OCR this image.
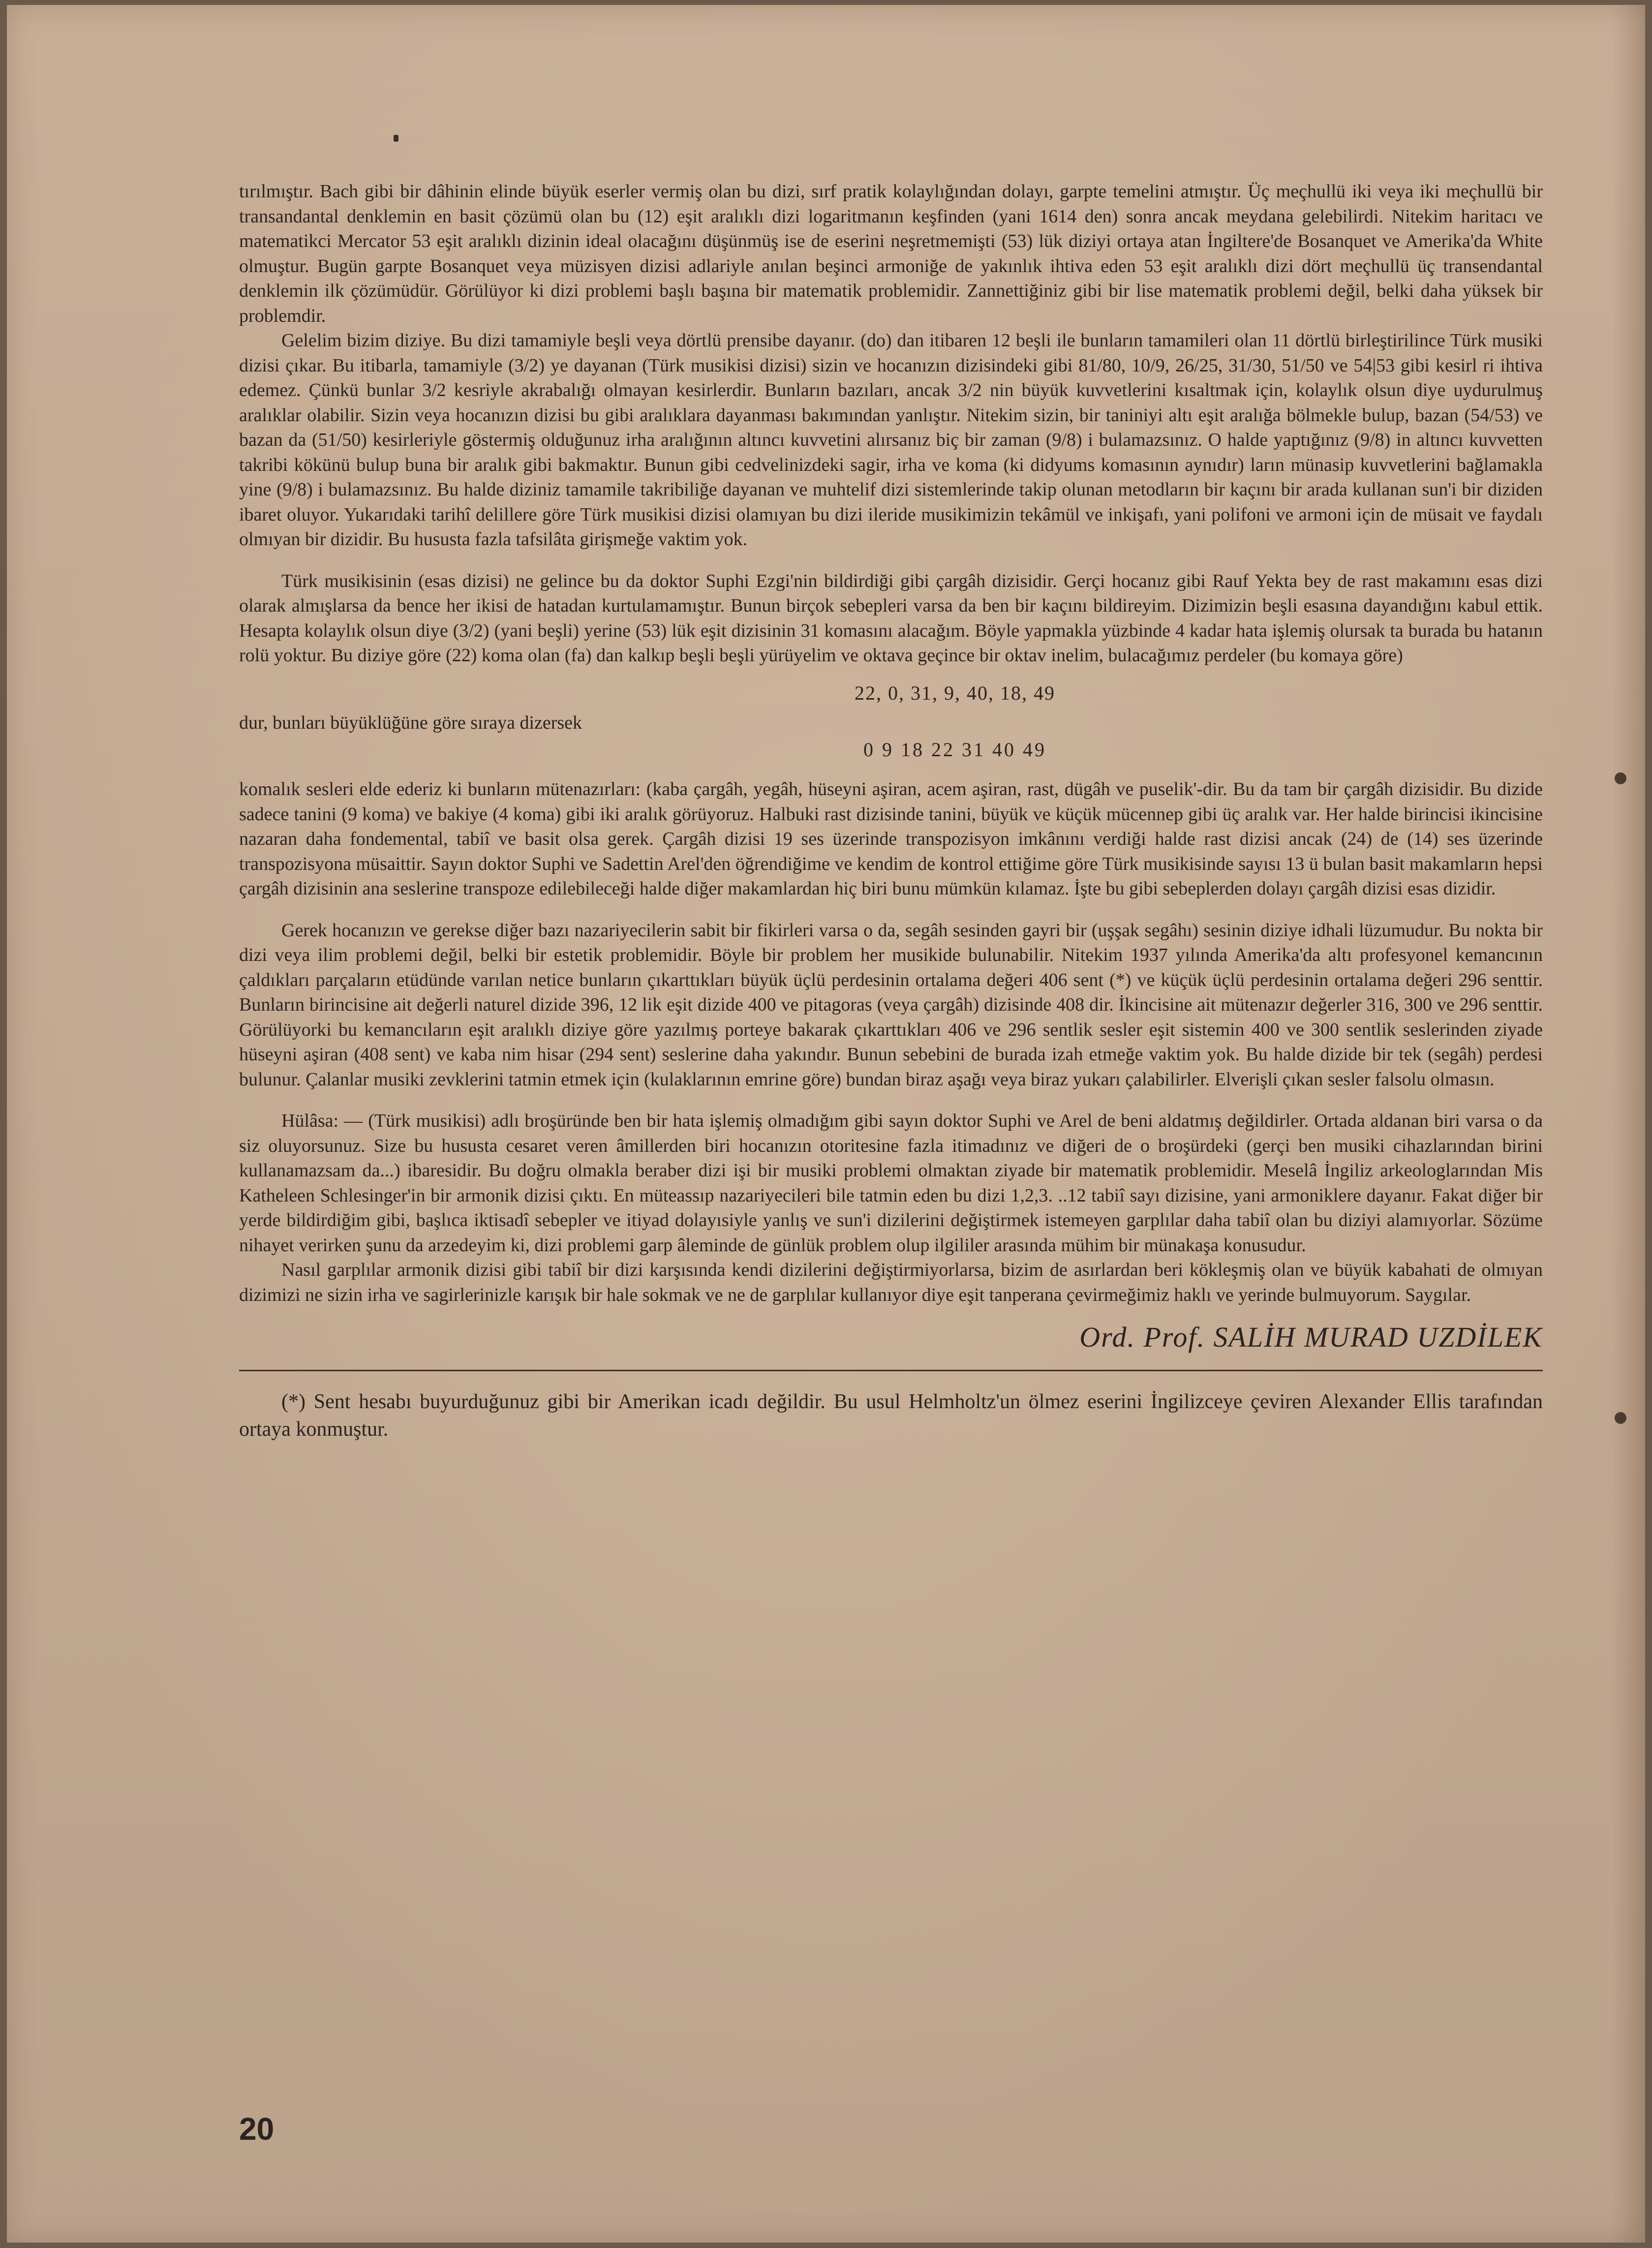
tırılmıştır. Bach gibi bir dâhinin elinde büyük eserler vermiş olan bu dizi, sırf pratik kolaylığından dolayı, garpte temelini atmıştır. Üç meçhullü iki veya iki meçhullü bir transandantal denklemin en basit çözümü olan bu (12) eşit aralıklı dizi logaritmanın keşfinden (yani 1614 den) sonra ancak meydana gelebilirdi. Nitekim haritacı ve matematikci Mercator 53 eşit aralıklı dizinin ideal olacağını düşünmüş ise de eserini neşretmemişti (53) lük diziyi ortaya atan İngiltere'de Bosanquet ve Amerika'da White olmuştur. Bugün garpte Bosanquet veya müzisyen dizisi adlariyle anılan beşinci armoniğe de yakınlık ihtiva eden 53 eşit aralıklı dizi dört meçhullü üç transendantal denklemin ilk çözümüdür. Görülüyor ki dizi problemi başlı başına bir matematik problemidir. Zannettiğiniz gibi bir lise matematik problemi değil, belki daha yüksek bir problemdir.

Gelelim bizim diziye. Bu dizi tamamiyle beşli veya dörtlü prensibe dayanır. (do) dan itibaren 12 beşli ile bunların tamamileri olan 11 dörtlü birleştirilince Türk musiki dizisi çıkar. Bu itibarla, tamamiyle (3/2) ye dayanan (Türk musikisi dizisi) sizin ve hocanızın dizisindeki gibi 81/80, 10/9, 26/25, 31/30, 51/50 ve 54|53 gibi kesirl ri ihtiva edemez. Çünkü bunlar 3/2 kesriyle akrabalığı olmayan kesirlerdir. Bunların bazıları, ancak 3/2 nin büyük kuvvetlerini kısaltmak için, kolaylık olsun diye uydurulmuş aralıklar olabilir. Sizin veya hocanızın dizisi bu gibi aralıklara dayanması bakımından yanlıştır. Nitekim sizin, bir taniniyi altı eşit aralığa bölmekle bulup, bazan (54/53) ve bazan da (51/50) kesirleriyle göstermiş olduğunuz irha aralığının altıncı kuvvetini alırsanız biç bir zaman (9/8) i bulamazsınız. O halde yaptığınız (9/8) in altıncı kuvvetten takribi kökünü bulup buna bir aralık gibi bakmaktır. Bunun gibi cedvelinizdeki sagir, irha ve koma (ki didyums komasının aynıdır) ların münasip kuvvetlerini bağlamakla yine (9/8) i bulamazsınız. Bu halde diziniz tamamile takribiliğe dayanan ve muhtelif dizi sistemlerinde takip olunan metodların bir kaçını bir arada kullanan sun'i bir diziden ibaret oluyor. Yukarıdaki tarihî delillere göre Türk musikisi dizisi olamıyan bu dizi ileride musikimizin tekâmül ve inkişafı, yani polifoni ve armoni için de müsait ve faydalı olmıyan bir dizidir. Bu hususta fazla tafsilâta girişmeğe vaktim yok.

Türk musikisinin (esas dizisi) ne gelince bu da doktor Suphi Ezgi'nin bildirdiği gibi çargâh dizisidir. Gerçi hocanız gibi Rauf Yekta bey de rast makamını esas dizi olarak almışlarsa da bence her ikisi de hatadan kurtulamamıştır. Bunun birçok sebepleri varsa da ben bir kaçını bildireyim. Dizimizin beşli esasına dayandığını kabul ettik. Hesapta kolaylık olsun diye (3/2) (yani beşli) yerine (53) lük eşit dizisinin 31 komasını alacağım. Böyle yapmakla yüzbinde 4 kadar hata işlemiş olursak ta burada bu hatanın rolü yoktur. Bu diziye göre (22) koma olan (fa) dan kalkıp beşli beşli yürüyelim ve oktava geçince bir oktav inelim, bulacağımız perdeler (bu komaya göre)

22, 0, 31, 9, 40, 18, 49
dur, bunları büyüklüğüne göre sıraya dizersek
0 9 18 22 31 40 49

komalık sesleri elde ederiz ki bunların mütenazırları: (kaba çargâh, yegâh, hüseyni aşiran, acem aşiran, rast, dügâh ve puselik'-dir. Bu da tam bir çargâh dizisidir. Bu dizide sadece tanini (9 koma) ve bakiye (4 koma) gibi iki aralık görüyoruz. Halbuki rast dizisinde tanini, büyük ve küçük mücennep gibi üç aralık var. Her halde birincisi ikincisine nazaran daha fondemental, tabiî ve basit olsa gerek. Çargâh dizisi 19 ses üzerinde transpozisyon imkânını verdiği halde rast dizisi ancak (24) de (14) ses üzerinde transpozisyona müsaittir. Sayın doktor Suphi ve Sadettin Arel'den öğrendiğime ve kendim de kontrol ettiğime göre Türk musikisinde sayısı 13 ü bulan basit makamların hepsi çargâh dizisinin ana seslerine transpoze edilebileceği halde diğer makamlardan hiç biri bunu mümkün kılamaz. İşte bu gibi sebeplerden dolayı çargâh dizisi esas dizidir.

Gerek hocanızın ve gerekse diğer bazı nazariyecilerin sabit bir fikirleri varsa o da, segâh sesinden gayri bir (uşşak segâhı) sesinin diziye idhali lüzumudur. Bu nokta bir dizi veya ilim problemi değil, belki bir estetik problemidir. Böyle bir problem her musikide bulunabilir. Nitekim 1937 yılında Amerika'da altı profesyonel kemancının çaldıkları parçaların etüdünde varılan netice bunların çıkarttıkları büyük üçlü perdesinin ortalama değeri 406 sent (*) ve küçük üçlü perdesinin ortalama değeri 296 senttir. Bunların birincisine ait değerli naturel dizide 396, 12 lik eşit dizide 400 ve pitagoras (veya çargâh) dizisinde 408 dir. İkincisine ait mütenazır değerler 316, 300 ve 296 senttir. Görülüyorki bu kemancıların eşit aralıklı diziye göre yazılmış porteye bakarak çıkarttıkları 406 ve 296 sentlik sesler eşit sistemin 400 ve 300 sentlik seslerinden ziyade hüseyni aşiran (408 sent) ve kaba nim hisar (294 sent) seslerine daha yakındır. Bunun sebebini de burada izah etmeğe vaktim yok. Bu halde dizide bir tek (segâh) perdesi bulunur. Çalanlar musiki zevklerini tatmin etmek için (kulaklarının emrine göre) bundan biraz aşağı veya biraz yukarı çalabilirler. Elverişli çıkan sesler falsolu olmasın.

Hülâsa: — (Türk musikisi) adlı broşüründe ben bir hata işlemiş olmadığım gibi sayın doktor Suphi ve Arel de beni aldatmış değildirler. Ortada aldanan biri varsa o da siz oluyorsunuz. Size bu hususta cesaret veren âmillerden biri hocanızın otoritesine fazla itimadınız ve diğeri de o broşürdeki (gerçi ben musiki cihazlarından birini kullanamazsam da...) ibaresidir. Bu doğru olmakla beraber dizi işi bir musiki problemi olmaktan ziyade bir matematik problemidir. Meselâ İngiliz arkeologlarından Mis Katheleen Schlesinger'in bir armonik dizisi çıktı. En müteassıp nazariyecileri bile tatmin eden bu dizi 1,2,3. ..12 tabiî sayı dizisine, yani armoniklere dayanır. Fakat diğer bir yerde bildirdiğim gibi, başlıca iktisadî sebepler ve itiyad dolayısiyle yanlış ve sun'i dizilerini değiştirmek istemeyen garplılar daha tabiî olan bu diziyi alamıyorlar. Sözüme nihayet verirken şunu da arzedeyim ki, dizi problemi garp âleminde de günlük problem olup ilgililer arasında mühim bir münakaşa konusudur.

Nasıl garplılar armonik dizisi gibi tabiî bir dizi karşısında kendi dizilerini değiştirmiyorlarsa, bizim de asırlardan beri kökleşmiş olan ve büyük kabahati de olmıyan dizimizi ne sizin irha ve sagirlerinizle karışık bir hale sokmak ve ne de garplılar kullanıyor diye eşit tanperana çevirmeğimiz haklı ve yerinde bulmuyorum. Saygılar.

Ord. Prof. SALİH MURAD UZDİLEK

(*) Sent hesabı buyurduğunuz gibi bir Amerikan icadı değildir. Bu usul Helmholtz'un ölmez eserini İngilizceye çeviren Alexander Ellis tarafından ortaya konmuştur.

20
